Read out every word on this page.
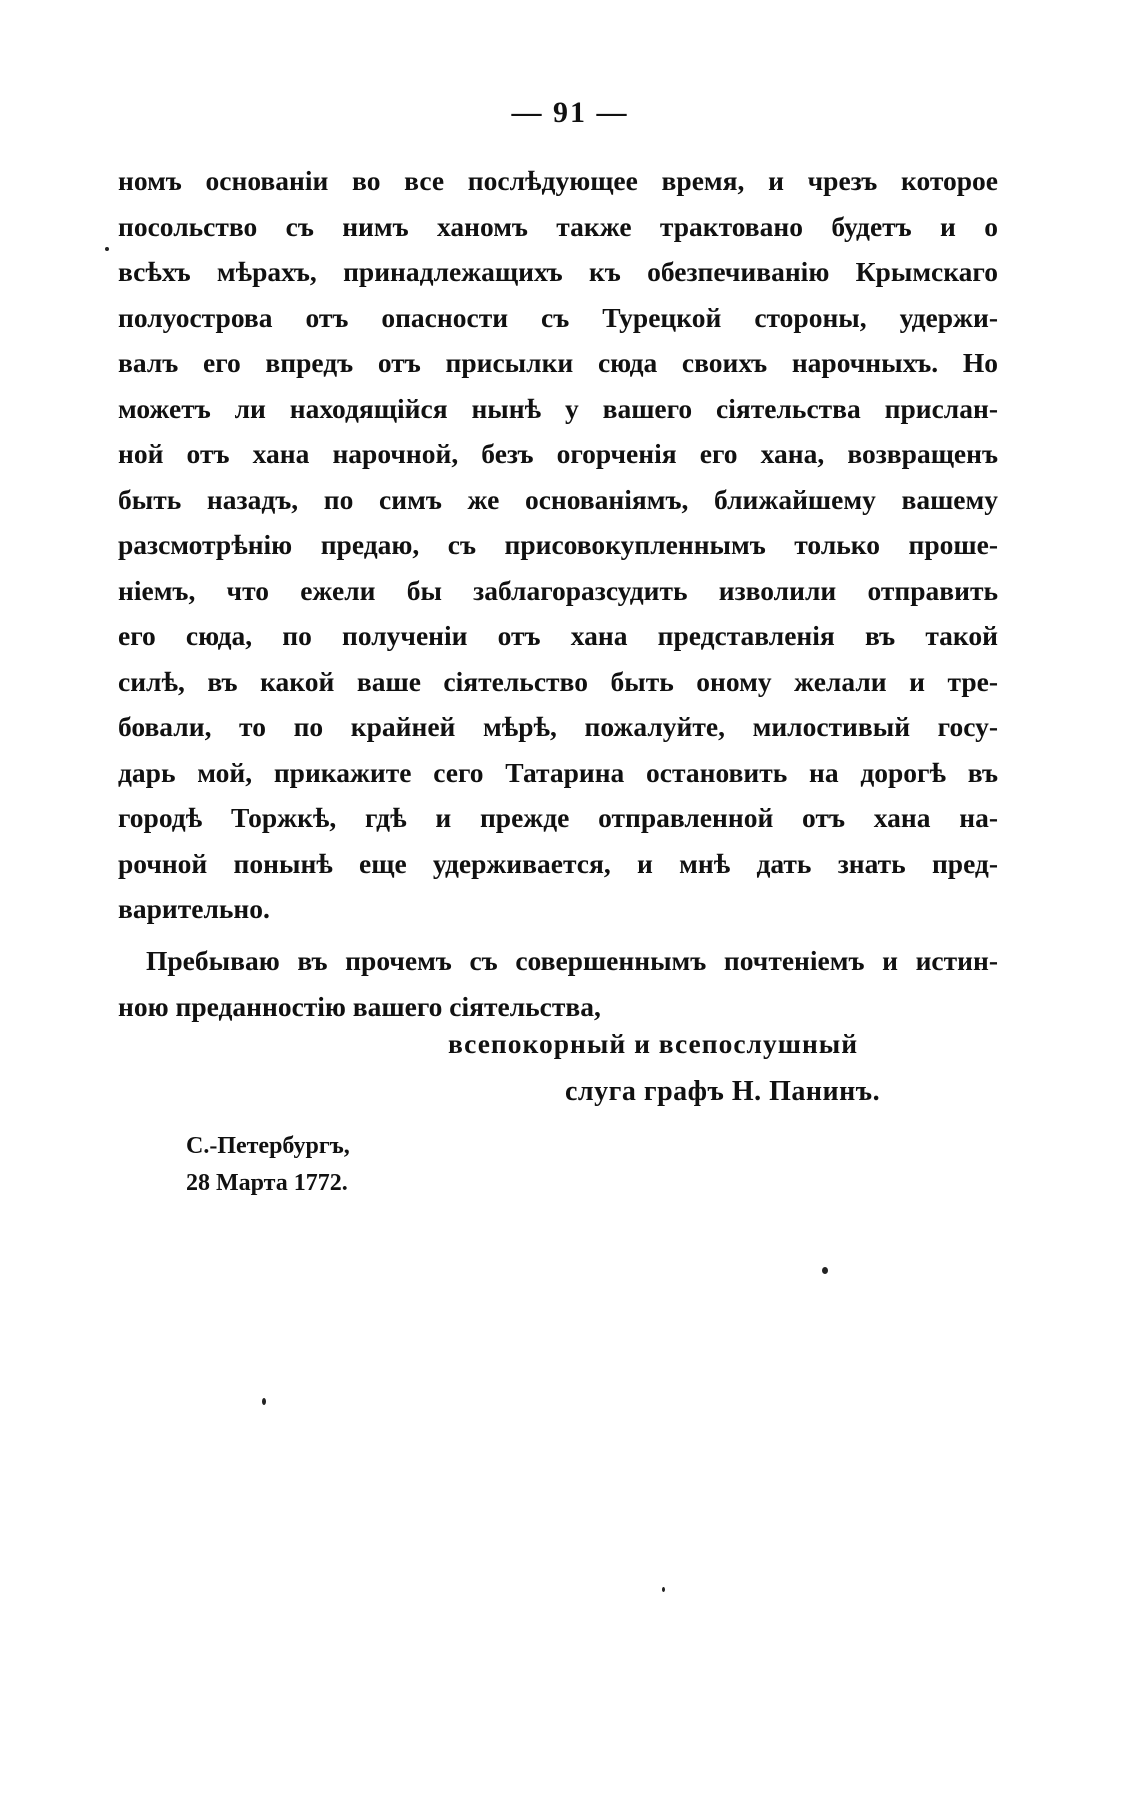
— 91 —
номъ основаніи во все послѣдующее время, и чрезъ которое
посольство съ нимъ ханомъ также трактовано будетъ и о
всѣхъ мѣрахъ, принадлежащихъ къ обезпечиванію Крымскаго
полуострова отъ опасности съ Турецкой стороны, удержи-
валъ его впредъ отъ присылки сюда своихъ нарочныхъ. Но
можетъ ли находящійся нынѣ у вашего сіятельства прислан-
ной отъ хана нарочной, безъ огорченія его хана, возвращенъ
быть назадъ, по симъ же основаніямъ, ближайшему вашему
разсмотрѣнію предаю, съ присовокупленнымъ только проше-
ніемъ, что ежели бы заблагоразсудить изволили отправить
его сюда, по полученіи отъ хана представленія въ такой
силѣ, въ какой ваше сіятельство быть оному желали и тре-
бовали, то по крайней мѣрѣ, пожалуйте, милостивый госу-
дарь мой, прикажите сего Татарина остановить на дорогѣ въ
городѣ Торжкѣ, гдѣ и прежде отправленной отъ хана на-
рочной понынѣ еще удерживается, и мнѣ дать знать пред-
варительно.
Пребываю въ прочемъ съ совершеннымъ почтеніемъ и истин-
ною преданностію вашего сіятельства,
всепокорный и всепослушный
слуга графъ Н. Панинъ.
С.-Петербургъ,
28 Марта 1772.
